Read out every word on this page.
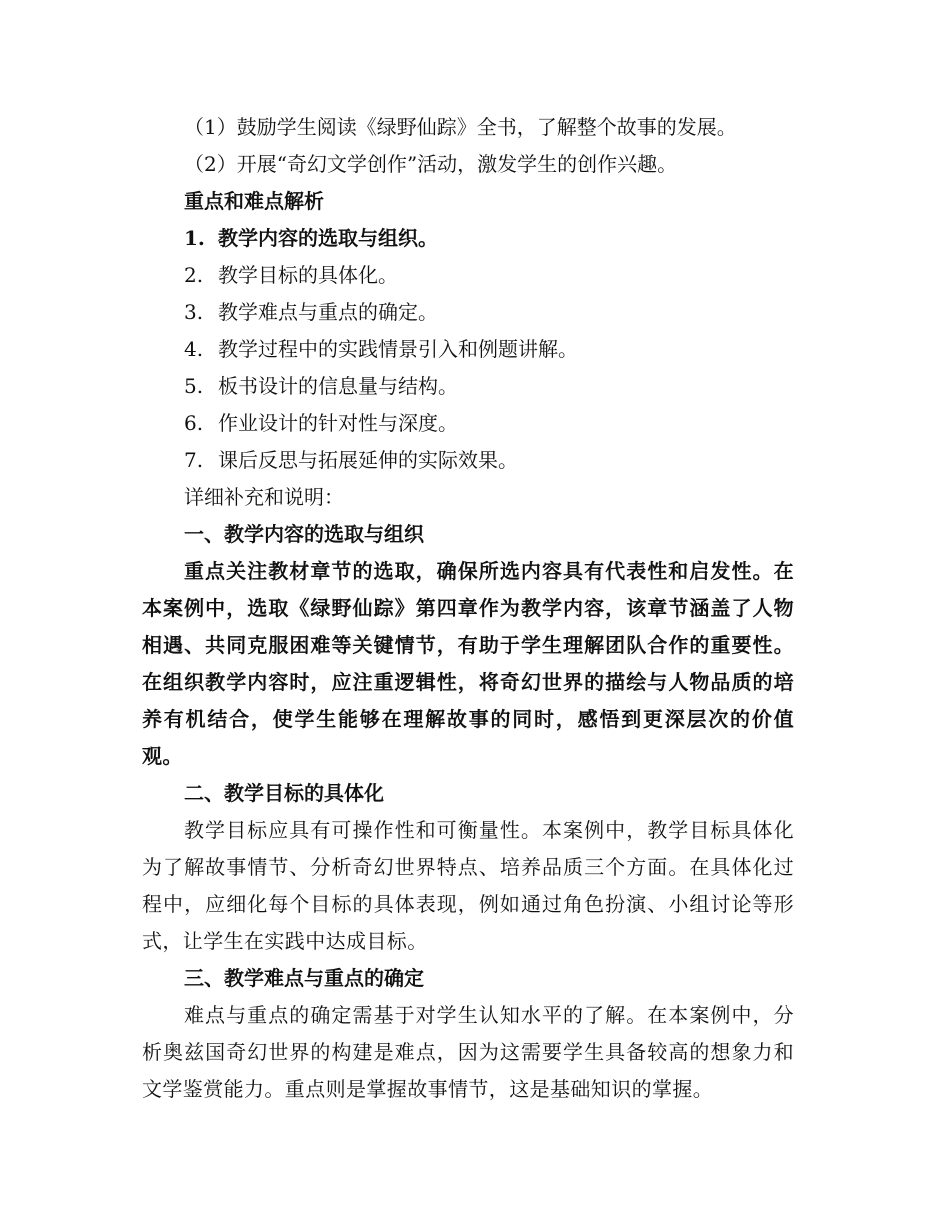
（1）鼓励学生阅读《绿野仙踪》全书，了解整个故事的发展。

（2）开展“奇幻文学创作”活动，激发学生的创作兴趣。

重点和难点解析

1. 教学内容的选取与组织。

2. 教学目标的具体化。

3. 教学难点与重点的确定。

4. 教学过程中的实践情景引入和例题讲解。

5. 板书设计的信息量与结构。

6. 作业设计的针对性与深度。

7. 课后反思与拓展延伸的实际效果。

详细补充和说明：

一、教学内容的选取与组织

重点关注教材章节的选取，确保所选内容具有代表性和启发性。在本案例中，选取《绿野仙踪》第四章作为教学内容，该章节涵盖了人物相遇、共同克服困难等关键情节，有助于学生理解团队合作的重要性。在组织教学内容时，应注重逻辑性，将奇幻世界的描绘与人物品质的培养有机结合，使学生能够在理解故事的同时，感悟到更深层次的价值观。

二、教学目标的具体化

教学目标应具有可操作性和可衡量性。本案例中，教学目标具体化为了解故事情节、分析奇幻世界特点、培养品质三个方面。在具体化过程中，应细化每个目标的具体表现，例如通过角色扮演、小组讨论等形式，让学生在实践中达成目标。

三、教学难点与重点的确定

难点与重点的确定需基于对学生认知水平的了解。在本案例中，分析奥兹国奇幻世界的构建是难点，因为这需要学生具备较高的想象力和文学鉴赏能力。重点则是掌握故事情节，这是基础知识的掌握。
